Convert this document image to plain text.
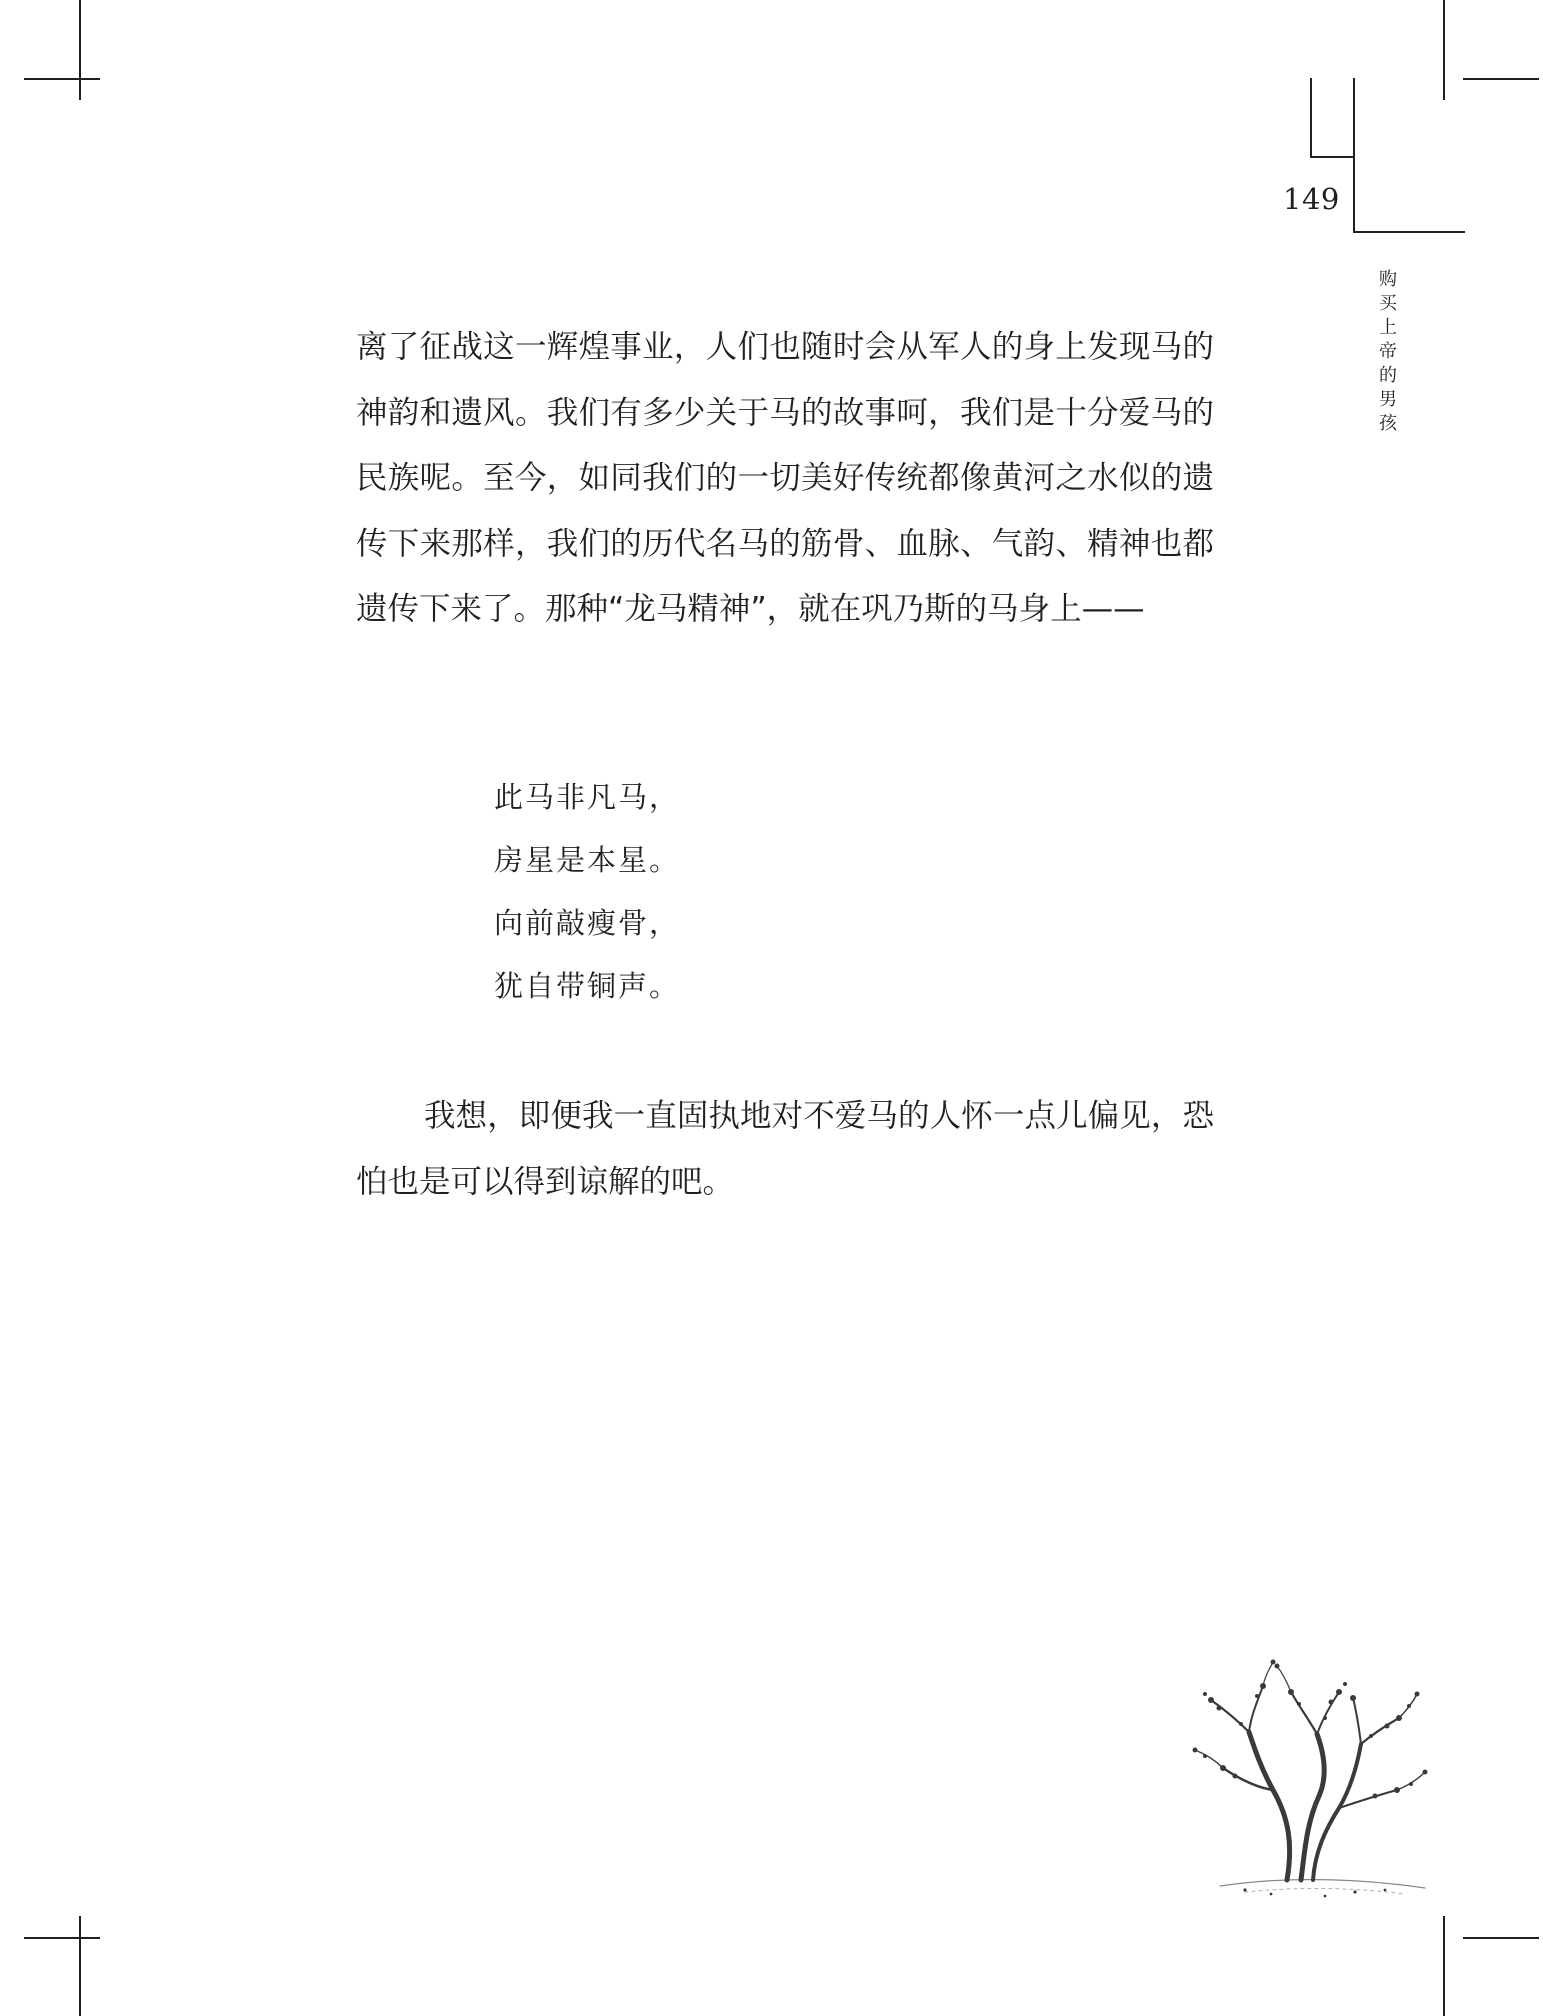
149
购
买
上
帝
的
男
孩
离了征战这一辉煌事业，人们也随时会从军人的身上发现马的神韵和遗风。我们有多少关于马的故事呵，我们是十分爱马的民族呢。至今，如同我们的一切美好传统都像黄河之水似的遗传下来那样，我们的历代名马的筋骨、血脉、气韵、精神也都遗传下来了。那种“龙马精神”，就在巩乃斯的马身上——
此马非凡马，
房星是本星。
向前敲瘦骨，
犹自带铜声。
我想，即便我一直固执地对不爱马的人怀一点儿偏见，恐怕也是可以得到谅解的吧。
